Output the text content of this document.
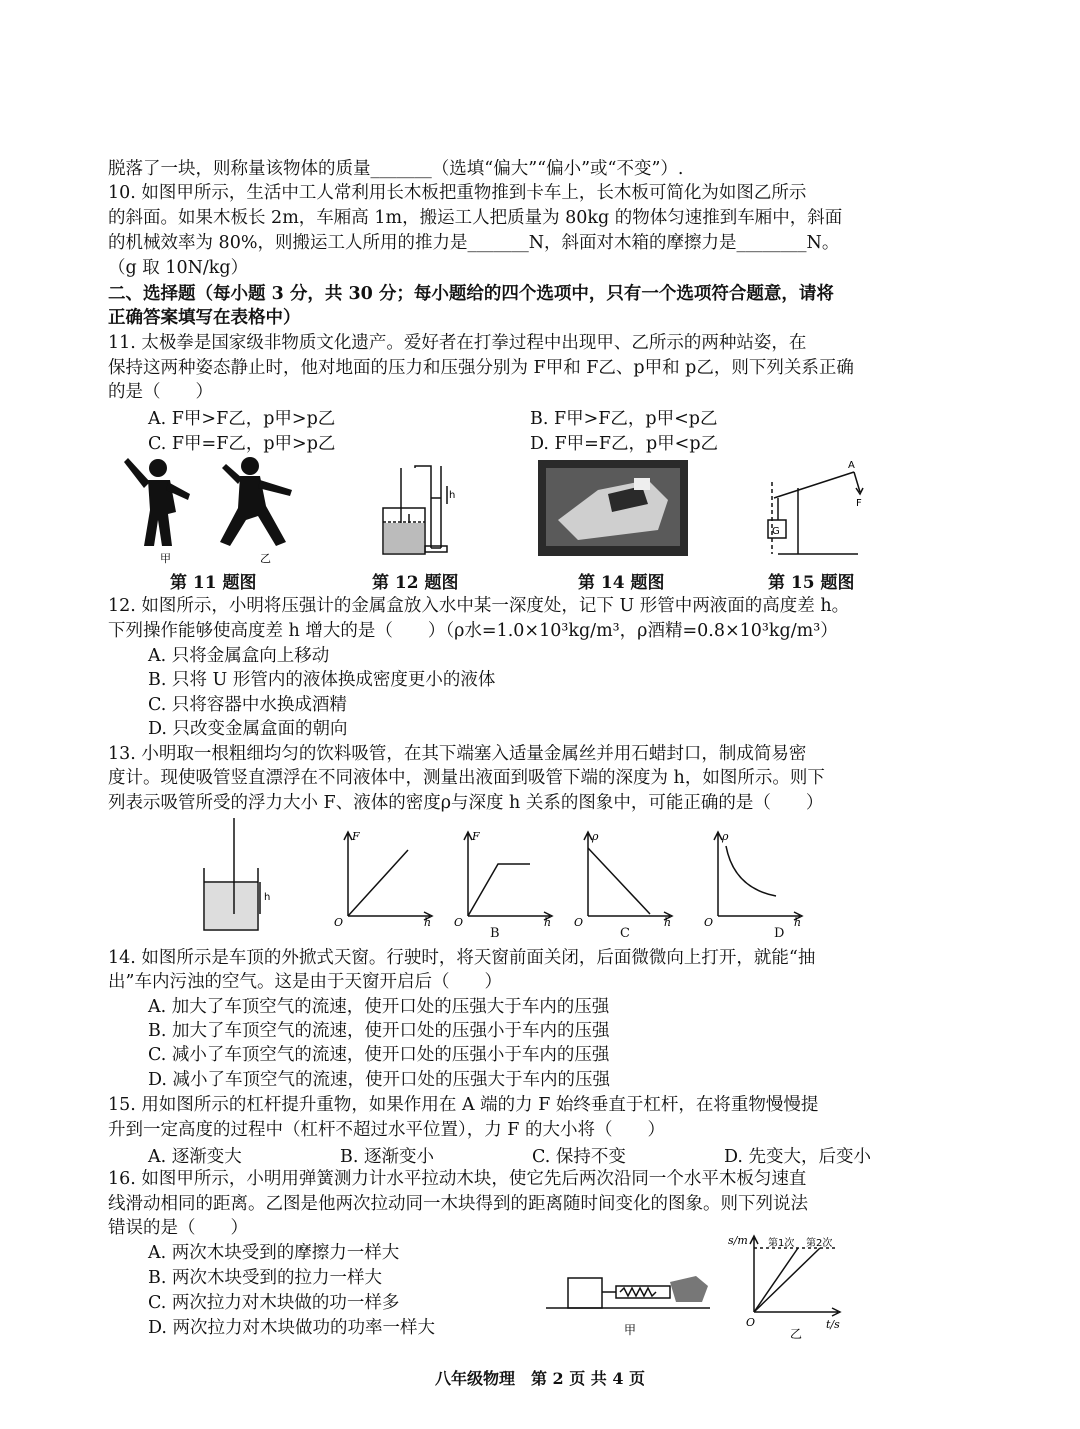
脱落了一块，则称量该物体的质量_______（选填“偏大”“偏小”或“不变”）.
10. 如图甲所示，生活中工人常利用长木板把重物推到卡车上，长木板可简化为如图乙所示
的斜面。如果木板长 2m，车厢高 1m，搬运工人把质量为 80kg 的物体匀速推到车厢中，斜面
的机械效率为 80%，则搬运工人所用的推力是_______N，斜面对木箱的摩擦力是________N。
（g 取 10N/kg）
二、选择题（每小题 3 分，共 30 分；每小题给的四个选项中，只有一个选项符合题意，请将
正确答案填写在表格中）
11. 太极拳是国家级非物质文化遗产。爱好者在打拳过程中出现甲、乙所示的两种站姿，在
保持这两种姿态静止时，他对地面的压力和压强分别为 F甲和 F乙、p甲和 p乙，则下列关系正确
的是（　　）
A. F甲>F乙，p甲>p乙	B. F甲>F乙，p甲<p乙
C. F甲=F乙，p甲>p乙	D. F甲=F乙，p甲<p乙
甲	乙
h
A
F
G
第 11 题图	第 12 题图	第 14 题图	第 15 题图
12. 如图所示，小明将压强计的金属盒放入水中某一深度处，记下 U 形管中两液面的高度差 h。
下列操作能够使高度差 h 增大的是（　　）（ρ水=1.0×10³kg/m³，ρ酒精=0.8×10³kg/m³）
A. 只将金属盒向上移动
B. 只将 U 形管内的液体换成密度更小的液体
C. 只将容器中水换成酒精
D. 只改变金属盒面的朝向
13. 小明取一根粗细均匀的饮料吸管，在其下端塞入适量金属丝并用石蜡封口，制成简易密
度计。现使吸管竖直漂浮在不同液体中，测量出液面到吸管下端的深度为 h，如图所示。则下
列表示吸管所受的浮力大小 F、液体的密度ρ与深度 h 关系的图象中，可能正确的是（　　）
h
F
h
O
F
h
O
ρ
h
O
ρ
h
O
B	C	D
14. 如图所示是车顶的外掀式天窗。行驶时，将天窗前面关闭，后面微微向上打开，就能“抽
出”车内污浊的空气。这是由于天窗开启后（　　）
A. 加大了车顶空气的流速，使开口处的压强大于车内的压强
B. 加大了车顶空气的流速，使开口处的压强小于车内的压强
C. 减小了车顶空气的流速，使开口处的压强小于车内的压强
D. 减小了车顶空气的流速，使开口处的压强大于车内的压强
15. 用如图所示的杠杆提升重物，如果作用在 A 端的力 F 始终垂直于杠杆，在将重物慢慢提
升到一定高度的过程中（杠杆不超过水平位置），力 F 的大小将（　　）
A. 逐渐变大	B. 逐渐变小	C. 保持不变	D. 先变大，后变小
16. 如图甲所示，小明用弹簧测力计水平拉动木块，使它先后两次沿同一个水平木板匀速直
线滑动相同的距离。乙图是他两次拉动同一木块得到的距离随时间变化的图象。则下列说法
错误的是（　　）
A. 两次木块受到的摩擦力一样大
B. 两次木块受到的拉力一样大
C. 两次拉力对木块做的功一样多
D. 两次拉力对木块做功的功率一样大	甲
s/m
t/s
O
第1次 第2次
乙
八年级物理　第 2 页 共 4 页
